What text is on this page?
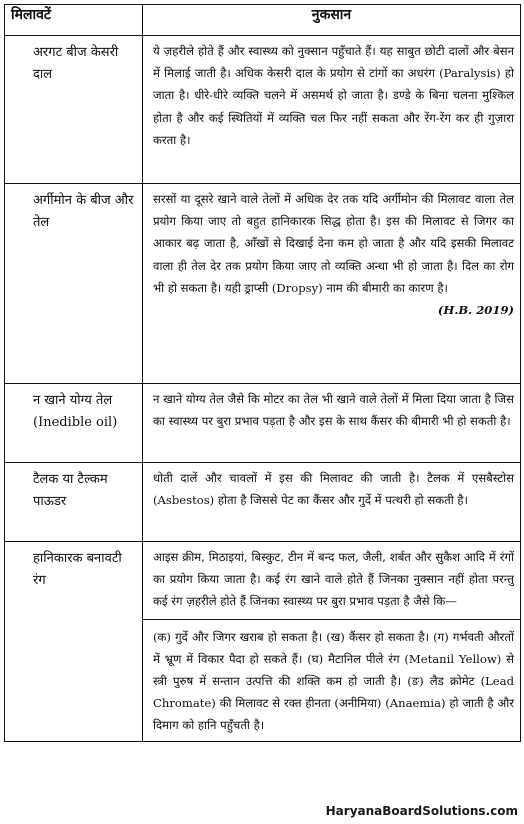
मिलावटें	नुकसान
अरगट बीज केसरी दाल	ये ज़हरीले होते हैं और स्वास्थ्य को नुक्सान पहुँचाते हैं। यह साबुत छोटी दालों और बेसन में मिलाई जाती है। अधिक केसरी दाल के प्रयोग से टांगों का अधरंग (Paralysis) हो जाता है। धीरे-धीरे व्यक्ति चलने में असमर्थ हो जाता है। डण्डे के बिना चलना मुश्किल होता है और कई स्थितियों में व्यक्ति चल फिर नहीं सकता और रेंग-रेंग कर ही गुज़ारा करता है।

अर्गीमोन के बीज और तेल	सरसों या दूसरे खाने वाले तेलों में अधिक देर तक यदि अर्गीमोन की मिलावट वाला तेल प्रयोग किया जाए तो बहुत हानिकारक सिद्ध होता है। इस की मिलावट से जिगर का आकार बढ़ जाता है, आँखों से दिखाई देना कम हो जाता है और यदि इसकी मिलावट वाला ही तेल देर तक प्रयोग किया जाए तो व्यक्ति अन्धा भी हो जाता है। दिल का रोग भी हो सकता है। यही ड्राप्सी (Dropsy) नाम की बीमारी का कारण है।

(H.B. 2019)

न खाने योग्य तेल
(Inedible oil)	न खाने योग्य तेल जैसे कि मोटर का तेल भी खाने वाले तेलों में मिला दिया जाता है जिस का स्वास्थ्य पर बुरा प्रभाव पड़ता है और इस के साथ कैंसर की बीमारी भी हो सकती है।

टैलक या टैल्कम पाऊडर	धोती दालें और चावलों में इस की मिलावट की जाती है। टैलक में एसबैस्टोस (Asbestos) होता है जिससे पेट का कैंसर और गुर्दे में पत्थरी हो सकती है।

हानिकारक बनावटी रंग	आइस क्रीम, मिठाइयां, बिस्कुट, टीन में बन्द फल, जैली, शर्बत और सुकैश आदि में रंगों का प्रयोग किया जाता है। कई रंग खाने वाले होते हैं जिनका नुक्सान नहीं होता परन्तु कई रंग ज़हरीले होते हैं जिनका स्वास्थ्य पर बुरा प्रभाव पड़ता है जैसे कि—

(क) गुर्दे और जिगर खराब हो सकता है। (ख) कैंसर हो सकता है। (ग) गर्भवती औरतों में भ्रूण में विकार पैदा हो सकते हैं। (घ) मैटानिल पीले रंग (Metanil Yellow) से स्त्री पुरुष में सन्तान उत्पत्ति की शक्ति कम हो जाती है। (ङ) लैड क्रोमेट (Lead Chromate) की मिलावट से रक्त हीनता (अनीमिया) (Anaemia) हो जाती है और दिमाग को हानि पहुँचती है।

HaryanaBoardSolutions.com
